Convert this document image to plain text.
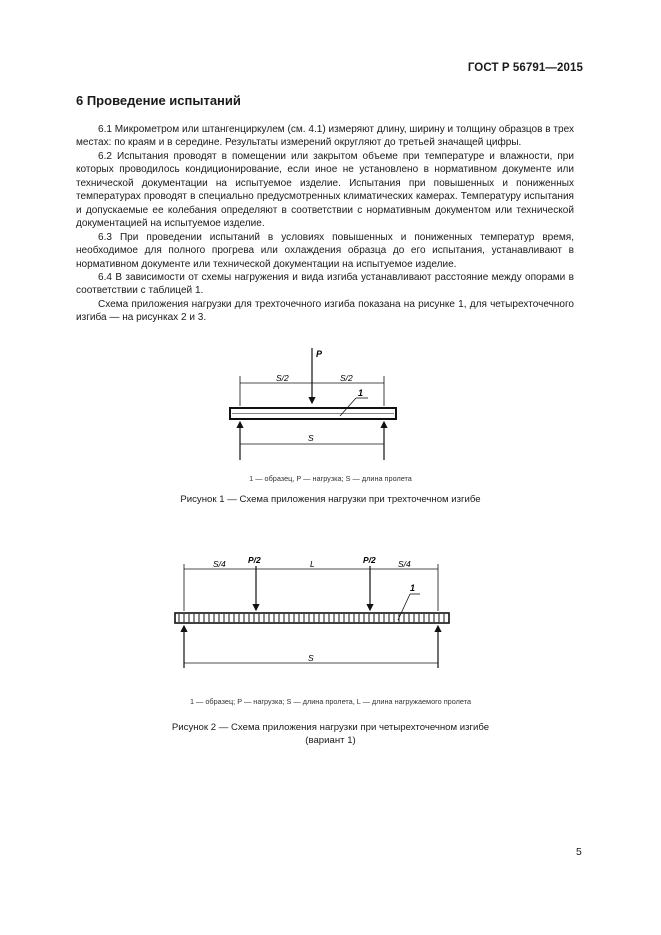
ГОСТ Р 56791—2015
6 Проведение испытаний

6.1 Микрометром или штангенциркулем (см. 4.1) измеряют длину, ширину и толщину образцов в трех местах: по краям и в середине. Результаты измерений округляют до третьей значащей цифры.

6.2 Испытания проводят в помещении или закрытом объеме при температуре и влажности, при которых проводилось кондиционирование, если иное не установлено в нормативном документе или технической документации на испытуемое изделие. Испытания при повышенных и пониженных температурах проводят в специально предусмотренных климатических камерах. Температуру испытания и допускаемые ее колебания определяют в соответствии с нормативным документом или технической документацией на испытуемое изделие.

6.3 При проведении испытаний в условиях повышенных и пониженных температур время, необходимое для полного прогрева или охлаждения образца до его испытания, устанавливают в нормативном документе или технической документации на испытуемое изделие.

6.4 В зависимости от схемы нагружения и вида изгиба устанавливают расстояние между опорами в соответствии с таблицей 1.

Схема приложения нагрузки для трехточечного изгиба показана на рисунке 1, для четырехточечного изгиба — на рисунках 2 и 3.

P
S/2	S/2
1
S
1 — образец, P — нагрузка; S — длина пролета
Рисунок 1 — Схема приложения нагрузки при трехточечном изгибе
S/4	P/2	L	P/2	S/4
1
S
1 — образец; P — нагрузка; S — длина пролета, L — длина нагружаемого пролета
Рисунок 2 — Схема приложения нагрузки при четырехточечном изгибе
(вариант 1)
5
